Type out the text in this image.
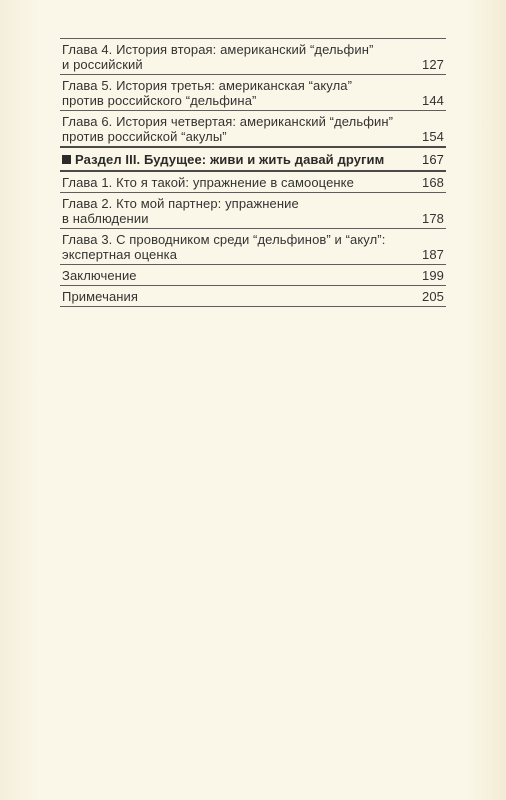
Глава 4. История вторая: американский “дельфин”
и российский	127
Глава 5. История третья: американская “акула”
против российского “дельфина”	144
Глава 6. История четвертая: американский “дельфин”
против российской “акулы”	154
Раздел III. Будущее: живи и жить давай другим	167
Глава 1. Кто я такой: упражнение в самооценке	168
Глава 2. Кто мой партнер: упражнение
в наблюдении	178
Глава 3. С проводником среди “дельфинов” и “акул”:
экспертная оценка	187
Заключение	199
Примечания	205
